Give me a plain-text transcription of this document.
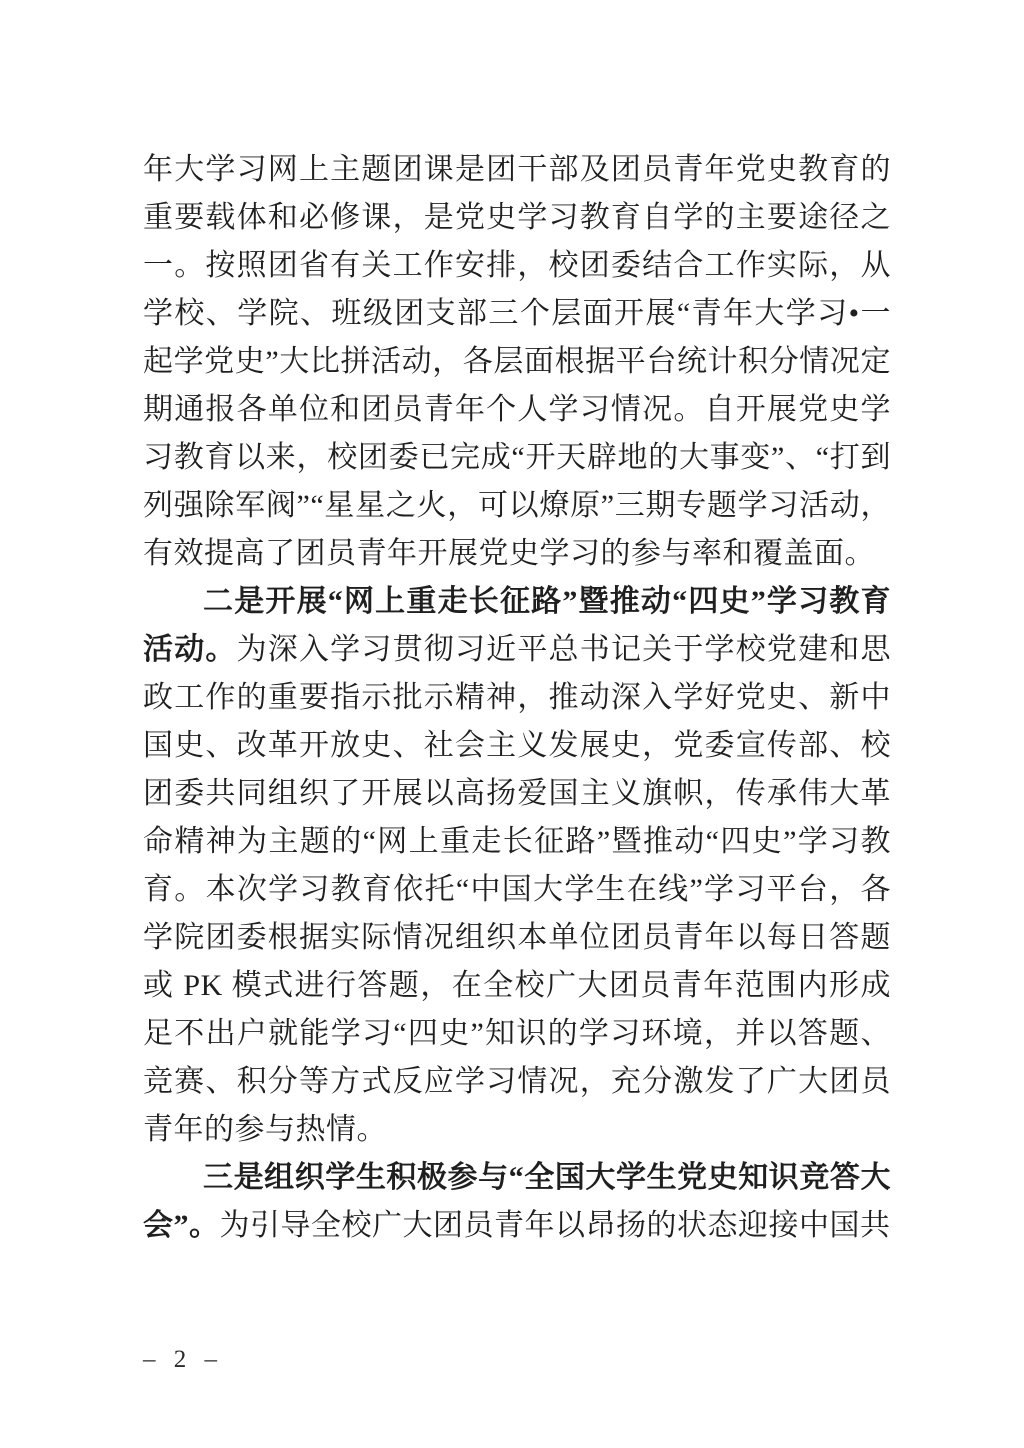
年大学习网上主题团课是团干部及团员青年党史教育的重要载体和必修课，是党史学习教育自学的主要途径之一。按照团省有关工作安排，校团委结合工作实际，从学校、学院、班级团支部三个层面开展“青年大学习•一起学党史”大比拼活动，各层面根据平台统计积分情况定期通报各单位和团员青年个人学习情况。自开展党史学习教育以来，校团委已完成“开天辟地的大事变”、“打到列强除军阀”“星星之火，可以燎原”三期专题学习活动，有效提高了团员青年开展党史学习的参与率和覆盖面。

二是开展“网上重走长征路”暨推动“四史”学习教育活动。为深入学习贯彻习近平总书记关于学校党建和思政工作的重要指示批示精神，推动深入学好党史、新中国史、改革开放史、社会主义发展史，党委宣传部、校团委共同组织了开展以高扬爱国主义旗帜，传承伟大革命精神为主题的“网上重走长征路”暨推动“四史”学习教育。本次学习教育依托“中国大学生在线”学习平台，各学院团委根据实际情况组织本单位团员青年以每日答题或 PK 模式进行答题，在全校广大团员青年范围内形成足不出户就能学习“四史”知识的学习环境，并以答题、竞赛、积分等方式反应学习情况，充分激发了广大团员青年的参与热情。

三是组织学生积极参与“全国大学生党史知识竞答大会”。为引导全校广大团员青年以昂扬的状态迎接中国共

– 2 –
